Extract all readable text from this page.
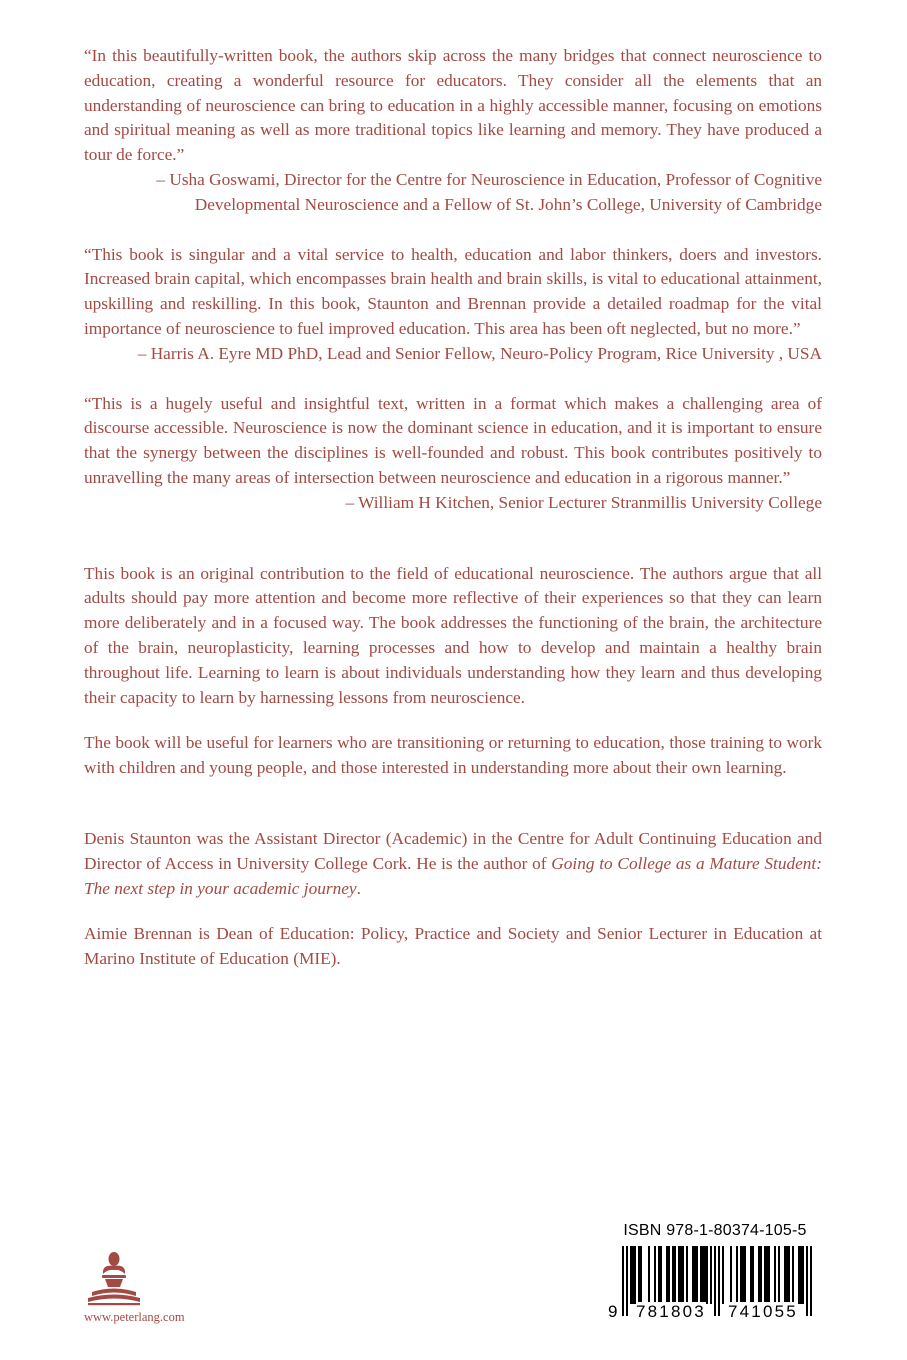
“In this beautifully-written book, the authors skip across the many bridges that connect neuroscience to education, creating a wonderful resource for educators. They consider all the elements that an understanding of neuroscience can bring to education in a highly accessible manner, focusing on emotions and spiritual meaning as well as more traditional topics like learning and memory. They have produced a tour de force.”

– Usha Goswami, Director for the Centre for Neuroscience in Education, Professor of Cognitive

Developmental Neuroscience and a Fellow of St. John’s College, University of Cambridge

“This book is singular and a vital service to health, education and labor thinkers, doers and investors. Increased brain capital, which encompasses brain health and brain skills, is vital to educational attainment, upskilling and reskilling. In this book, Staunton and Brennan provide a detailed roadmap for the vital importance of neuroscience to fuel improved education. This area has been oft neglected, but no more.”

– Harris A. Eyre MD PhD, Lead and Senior Fellow, Neuro-Policy Program, Rice University , USA

“This is a hugely useful and insightful text, written in a format which makes a challenging area of discourse accessible. Neuroscience is now the dominant science in education, and it is important to ensure that the synergy between the disciplines is well-founded and robust. This book contributes positively to unravelling the many areas of intersection between neuroscience and education in a rigorous manner.”

– William H Kitchen, Senior Lecturer Stranmillis University College

This book is an original contribution to the field of educational neuroscience. The authors argue that all adults should pay more attention and become more reflective of their experiences so that they can learn more deliberately and in a focused way. The book addresses the functioning of the brain, the architecture of the brain, neuroplasticity, learning processes and how to develop and maintain a healthy brain throughout life. Learning to learn is about individuals understanding how they learn and thus developing their capacity to learn by harnessing lessons from neuroscience.

The book will be useful for learners who are transitioning or returning to education, those training to work with children and young people, and those interested in understanding more about their own learning.

Denis Staunton was the Assistant Director (Academic) in the Centre for Adult Continuing Education and Director of Access in University College Cork. He is the author of Going to College as a Mature Student: The next step in your academic journey.

Aimie Brennan is Dean of Education: Policy, Practice and Society and Senior Lecturer in Education at Marino Institute of Education (MIE).

www.peterlang.com
ISBN 978-1-80374-105-5
9 781803 741055
